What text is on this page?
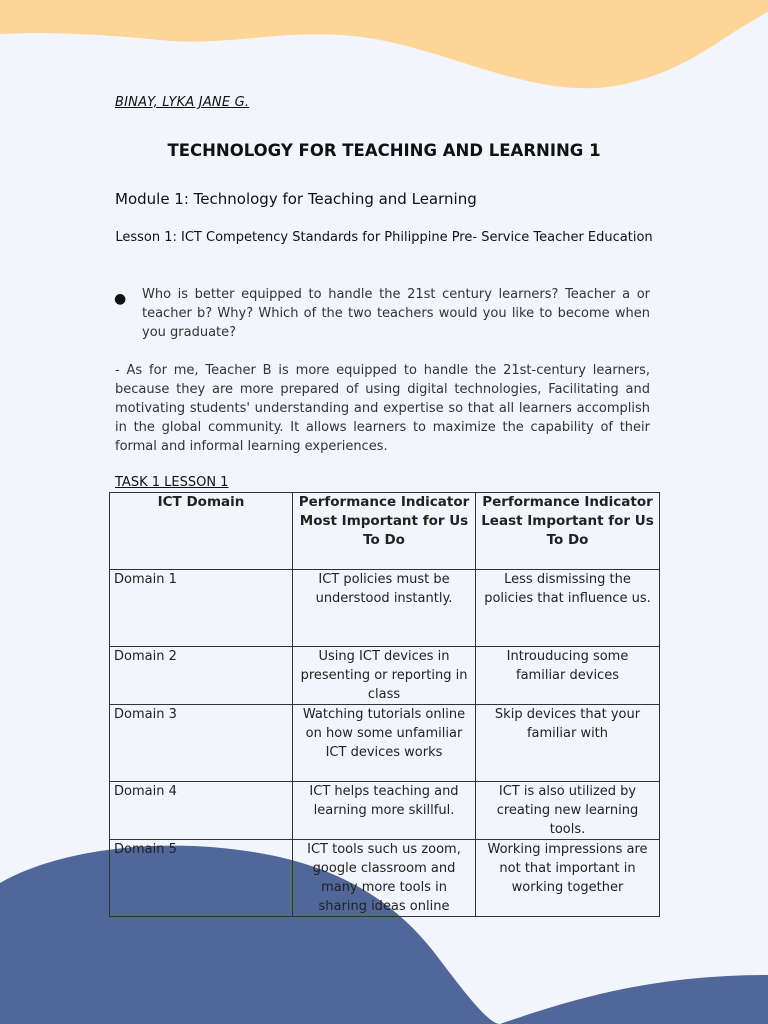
BINAY, LYKA JANE G.
TECHNOLOGY FOR TEACHING AND LEARNING 1
Module 1: Technology for Teaching and Learning
Lesson 1: ICT Competency Standards for Philippine Pre- Service Teacher Education
● Who is better equipped to handle the 21st century learners? Teacher a or teacher b? Why? Which of the two teachers would you like to become when you graduate?
- As for me, Teacher B is more equipped to handle the 21st-century learners, because they are more prepared of using digital technologies, Facilitating and motivating students' understanding and expertise so that all learners accomplish in the global community. It allows learners to maximize the capability of their formal and informal learning experiences.
TASK 1 LESSON 1
ICT Domain	Performance Indicator Most Important for Us To Do	Performance Indicator Least Important for Us To Do
Domain 1	ICT policies must be understood instantly.	Less dismissing the policies that influence us.
Domain 2	Using ICT devices in presenting or reporting in class	Introuducing some familiar devices
Domain 3	Watching tutorials online on how some unfamiliar ICT devices works	Skip devices that your familiar with
Domain 4	ICT helps teaching and learning more skillful.	ICT is also utilized by creating new learning tools.
Domain 5	ICT tools such us zoom, google classroom and many more tools in sharing ideas online	Working impressions are not that important in working together
